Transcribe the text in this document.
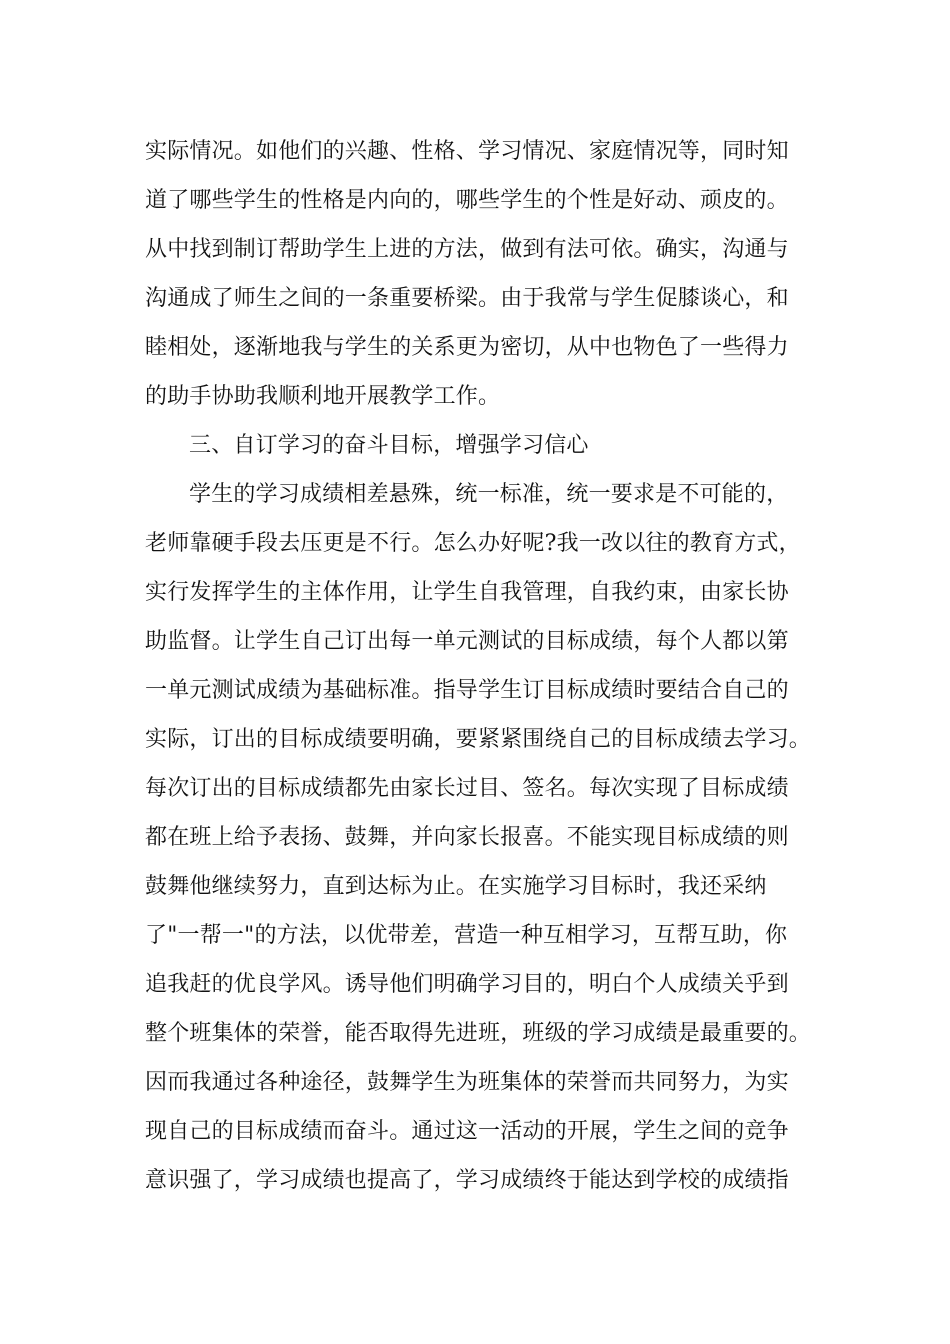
实际情况。如他们的兴趣、性格、学习情况、家庭情况等，同时知
道了哪些学生的性格是内向的，哪些学生的个性是好动、顽皮的。
从中找到制订帮助学生上进的方法，做到有法可依。确实，沟通与
沟通成了师生之间的一条重要桥梁。由于我常与学生促膝谈心，和
睦相处，逐渐地我与学生的关系更为密切，从中也物色了一些得力
的助手协助我顺利地开展教学工作。
三、自订学习的奋斗目标，增强学习信心
学生的学习成绩相差悬殊，统一标准，统一要求是不可能的，
老师靠硬手段去压更是不行。怎么办好呢?我一改以往的教育方式，
实行发挥学生的主体作用，让学生自我管理，自我约束，由家长协
助监督。让学生自己订出每一单元测试的目标成绩，每个人都以第
一单元测试成绩为基础标准。指导学生订目标成绩时要结合自己的
实际，订出的目标成绩要明确，要紧紧围绕自己的目标成绩去学习。
每次订出的目标成绩都先由家长过目、签名。每次实现了目标成绩
都在班上给予表扬、鼓舞，并向家长报喜。不能实现目标成绩的则
鼓舞他继续努力，直到达标为止。在实施学习目标时，我还采纳
了"一帮一"的方法，以优带差，营造一种互相学习，互帮互助，你
追我赶的优良学风。诱导他们明确学习目的，明白个人成绩关乎到
整个班集体的荣誉，能否取得先进班，班级的学习成绩是最重要的。
因而我通过各种途径，鼓舞学生为班集体的荣誉而共同努力，为实
现自己的目标成绩而奋斗。通过这一活动的开展，学生之间的竞争
意识强了，学习成绩也提高了，学习成绩终于能达到学校的成绩指
